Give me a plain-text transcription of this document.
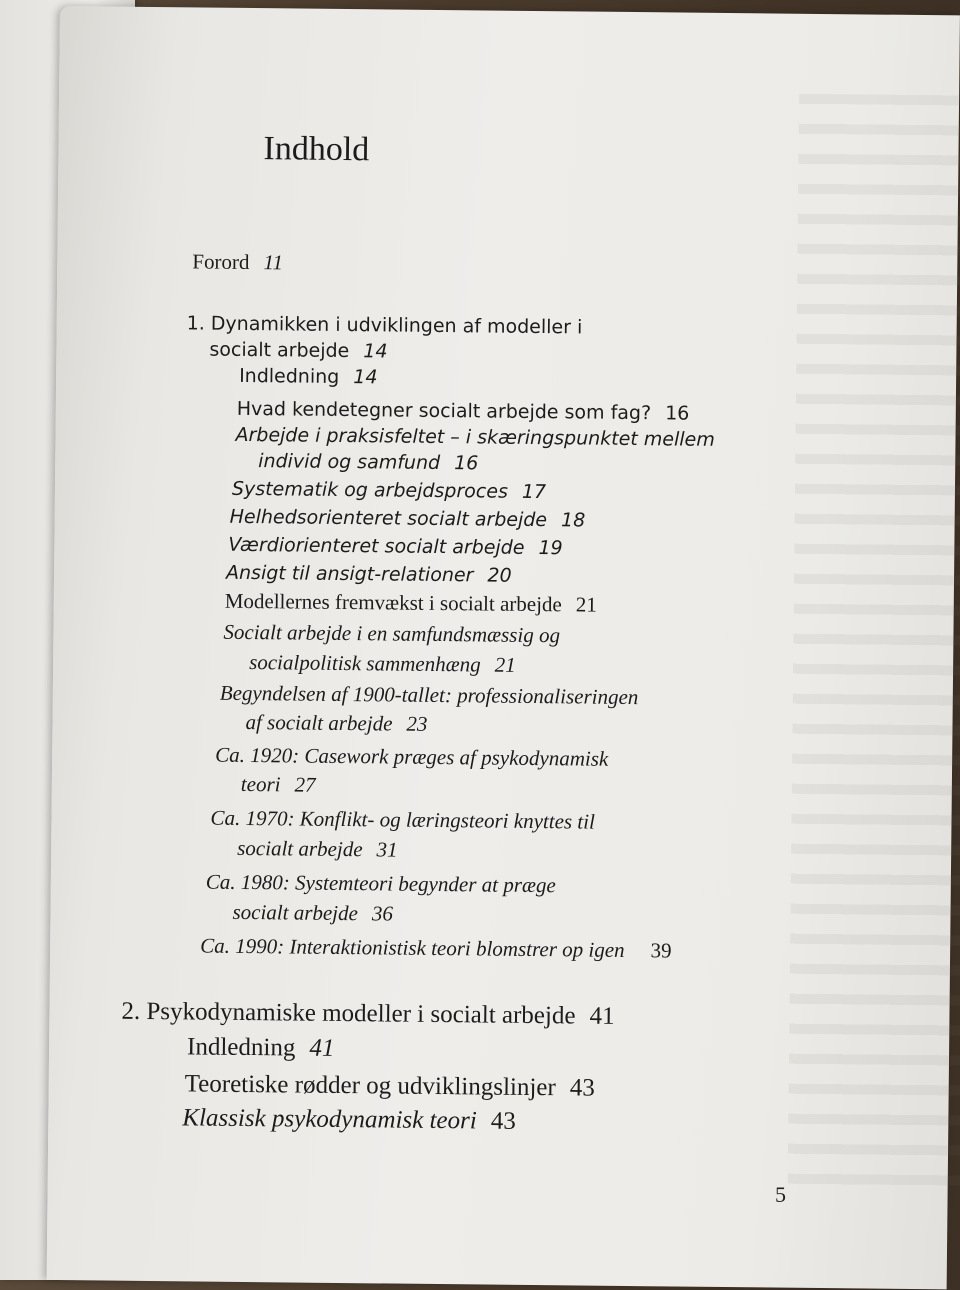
Indhold
Forord 11
1. Dynamikken i udviklingen af modeller i
socialt arbejde 14
Indledning 14
Hvad kendetegner socialt arbejde som fag? 16
Arbejde i praksisfeltet – i skæringspunktet mellem
individ og samfund 16
Systematik og arbejdsproces 17
Helhedsorienteret socialt arbejde 18
Værdiorienteret socialt arbejde 19
Ansigt til ansigt-relationer 20
Modellernes fremvækst i socialt arbejde 21
Socialt arbejde i en samfundsmæssig og
socialpolitisk sammenhæng 21
Begyndelsen af 1900-tallet: professionaliseringen
af socialt arbejde 23
Ca. 1920: Casework præges af psykodynamisk
teori 27
Ca. 1970: Konflikt- og læringsteori knyttes til
socialt arbejde 31
Ca. 1980: Systemteori begynder at præge
socialt arbejde 36
Ca. 1990: Interaktionistisk teori blomstrer op igen 39
2. Psykodynamiske modeller i socialt arbejde 41
Indledning 41
Teoretiske rødder og udviklingslinjer 43
Klassisk psykodynamisk teori 43
5
